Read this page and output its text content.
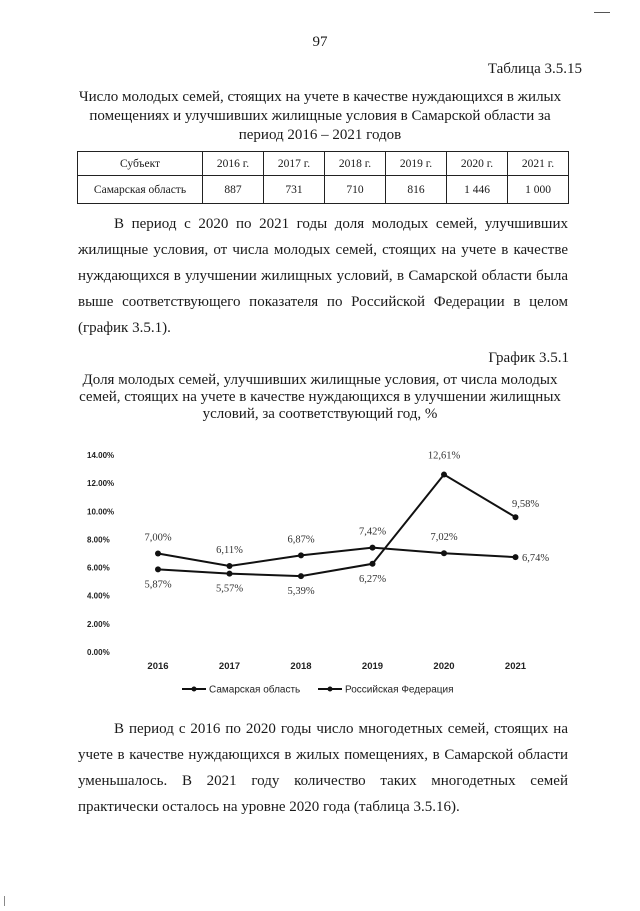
97
Таблица 3.5.15
Число молодых семей, стоящих на учете в качестве нуждающихся в жилых помещениях и улучшивших жилищные условия в Самарской области за период 2016 – 2021 годов
Субъект	2016 г.	2017 г.	2018 г.	2019 г.	2020 г.	2021 г.
Самарская область	887	731	710	816	1 446	1 000
В период с 2020 по 2021 годы доля молодых семей, улучшивших жилищные условия, от числа молодых семей, стоящих на учете в качестве нуждающихся в улучшении жилищных условий, в Самарской области была выше соответствующего показателя по Российской Федерации в целом (график 3.5.1).
График 3.5.1
Доля молодых семей, улучшивших жилищные условия, от числа молодых семей, стоящих на учете в качестве нуждающихся в улучшении жилищных условий, за соответствующий год, %
0.00%
2.00%
4.00%
6.00%
8.00%
10.00%
12.00%
14.00%
2016	2017	2018	2019	2020	2021
5,87%	5,57%	5,39%
6,27%
12,61%
9,58%
7,00%
6,11%
6,87%
7,42%
7,02%
6,74%
Самарская область	Российская Федерация
В период с 2016 по 2020 годы число многодетных семей, стоящих на учете в качестве нуждающихся в жилых помещениях, в Самарской области уменьшалось. В 2021 году количество таких многодетных семей практически осталось на уровне 2020 года (таблица 3.5.16).
